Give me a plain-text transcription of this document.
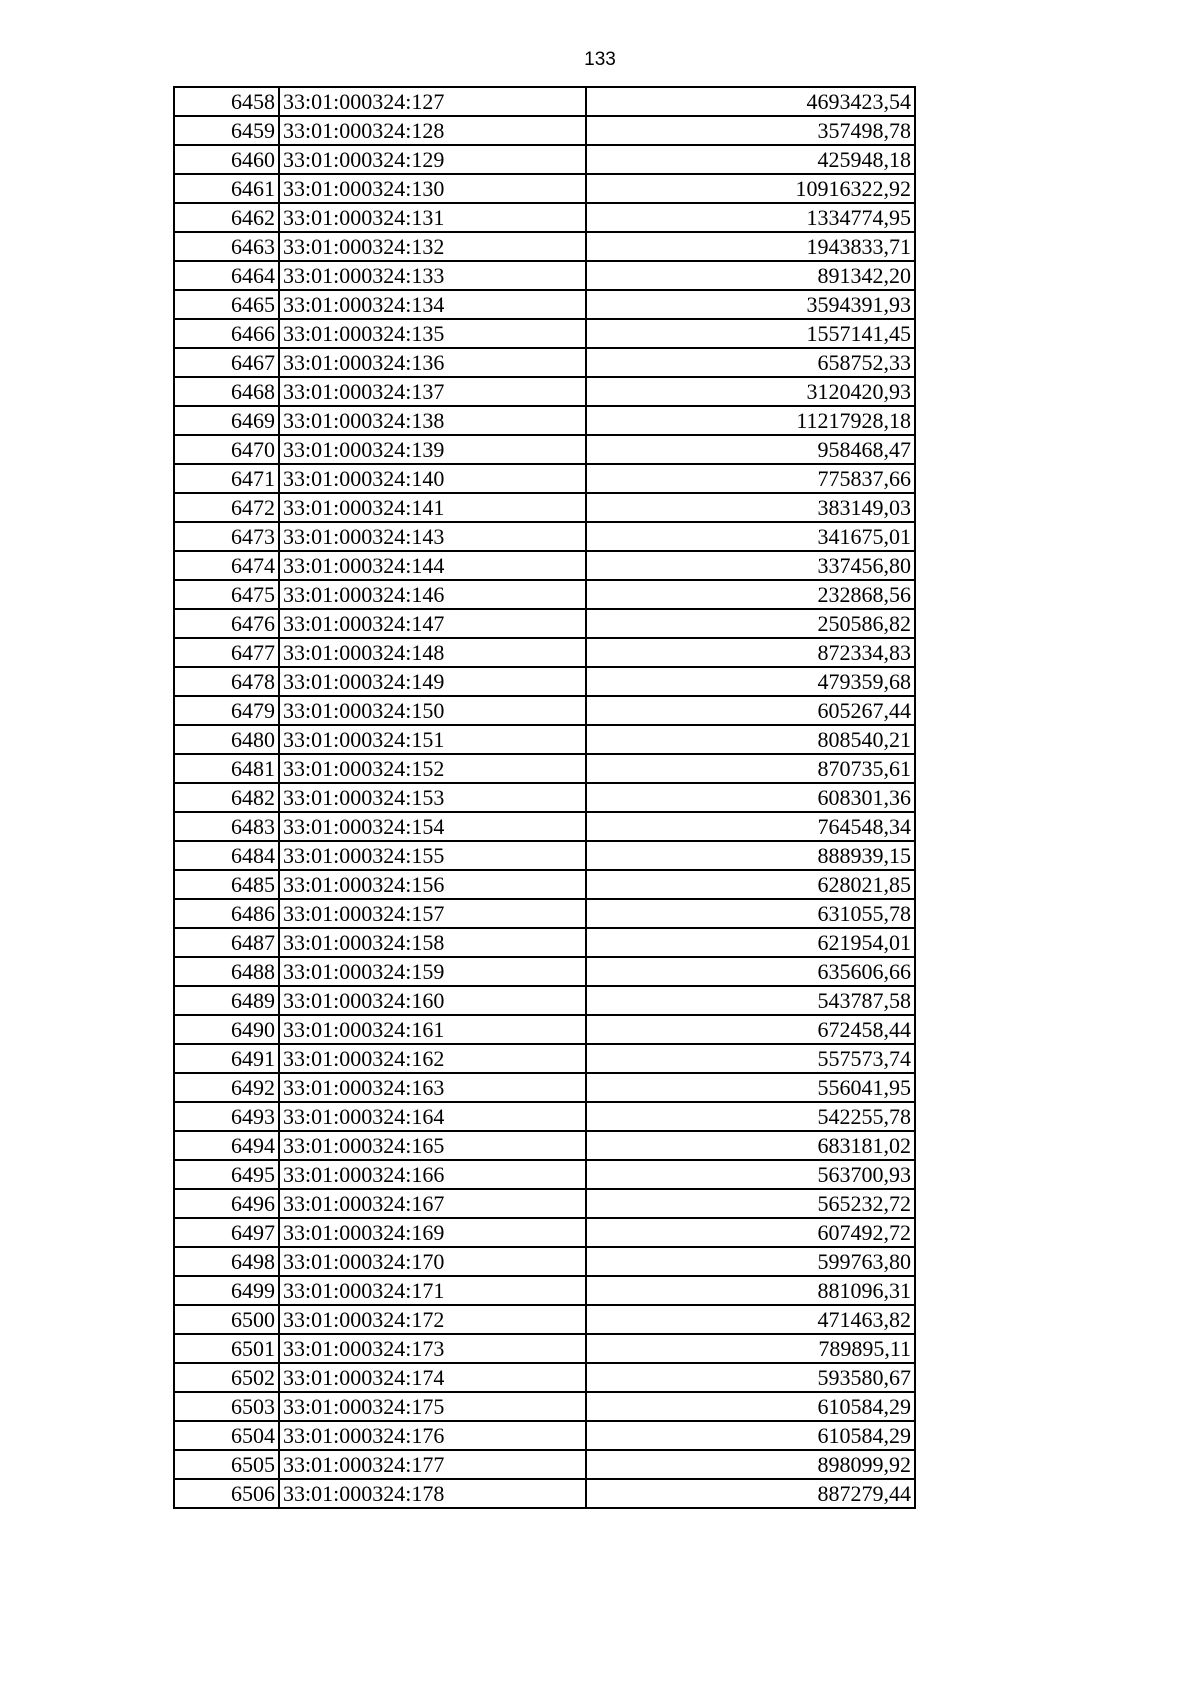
133
6458	33:01:000324:127	4693423,54
6459	33:01:000324:128	357498,78
6460	33:01:000324:129	425948,18
6461	33:01:000324:130	10916322,92
6462	33:01:000324:131	1334774,95
6463	33:01:000324:132	1943833,71
6464	33:01:000324:133	891342,20
6465	33:01:000324:134	3594391,93
6466	33:01:000324:135	1557141,45
6467	33:01:000324:136	658752,33
6468	33:01:000324:137	3120420,93
6469	33:01:000324:138	11217928,18
6470	33:01:000324:139	958468,47
6471	33:01:000324:140	775837,66
6472	33:01:000324:141	383149,03
6473	33:01:000324:143	341675,01
6474	33:01:000324:144	337456,80
6475	33:01:000324:146	232868,56
6476	33:01:000324:147	250586,82
6477	33:01:000324:148	872334,83
6478	33:01:000324:149	479359,68
6479	33:01:000324:150	605267,44
6480	33:01:000324:151	808540,21
6481	33:01:000324:152	870735,61
6482	33:01:000324:153	608301,36
6483	33:01:000324:154	764548,34
6484	33:01:000324:155	888939,15
6485	33:01:000324:156	628021,85
6486	33:01:000324:157	631055,78
6487	33:01:000324:158	621954,01
6488	33:01:000324:159	635606,66
6489	33:01:000324:160	543787,58
6490	33:01:000324:161	672458,44
6491	33:01:000324:162	557573,74
6492	33:01:000324:163	556041,95
6493	33:01:000324:164	542255,78
6494	33:01:000324:165	683181,02
6495	33:01:000324:166	563700,93
6496	33:01:000324:167	565232,72
6497	33:01:000324:169	607492,72
6498	33:01:000324:170	599763,80
6499	33:01:000324:171	881096,31
6500	33:01:000324:172	471463,82
6501	33:01:000324:173	789895,11
6502	33:01:000324:174	593580,67
6503	33:01:000324:175	610584,29
6504	33:01:000324:176	610584,29
6505	33:01:000324:177	898099,92
6506	33:01:000324:178	887279,44
